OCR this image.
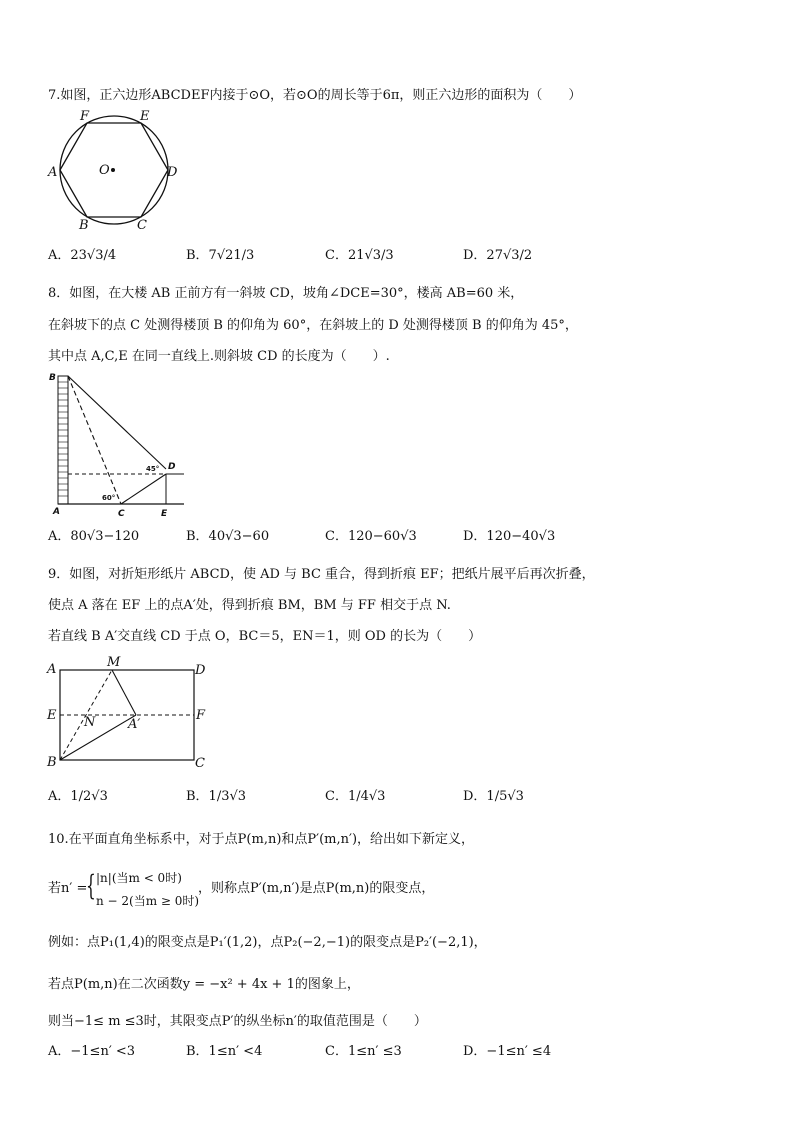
7.如图，正六边形ABCDEF内接于⊙O，若⊙O的周长等于6π，则正六边形的面积为（　　）
O
A
B	C
D
E
F
A．23√3/4	B．7√21/3	C．21√3/3	D．27√3/2
8．如图，在大楼 AB 正前方有一斜坡 CD，坡角∠DCE=30°，楼高 AB=60 米，
在斜坡下的点 C 处测得楼顶 B 的仰角为 60°，在斜坡上的 D 处测得楼顶 B 的仰角为 45°，
其中点 A,C,E 在同一直线上.则斜坡 CD 的长度为（　　）.
B
A	C
D
E
45°
60°
A．80√3−120	B．40√3−60	C．120−60√3	D．120−40√3
9．如图，对折矩形纸片 ABCD，使 AD 与 BC 重合，得到折痕 EF；把纸片展平后再次折叠，
使点 A 落在 EF 上的点A′处，得到折痕 BM，BM 与 FF 相交于点 N.
若直线 B A′交直线 CD 于点 O，BC＝5，EN＝1，则 OD 的长为（　　）
A
B	C
D
E	F
M
N	A′
A．1/2√3	B．1/3√3	C．1/4√3	D．1/5√3
10.在平面直角坐标系中，对于点P(m,n)和点P′(m,n′)，给出如下新定义，
若n′ =
{ |n|(当m < 0时)
n − 2(当m ≥ 0时)
，则称点P′(m,n′)是点P(m,n)的限变点，
例如：点P₁(1,4)的限变点是P₁′(1,2)，点P₂(−2,−1)的限变点是P₂′(−2,1)，
若点P(m,n)在二次函数y = −x² + 4x + 1的图象上，
则当−1≤ m ≤3时，其限变点P′的纵坐标n′的取值范围是（　　）
A．−1≤n′ <3	B．1≤n′ <4	C．1≤n′ ≤3	D．−1≤n′ ≤4
